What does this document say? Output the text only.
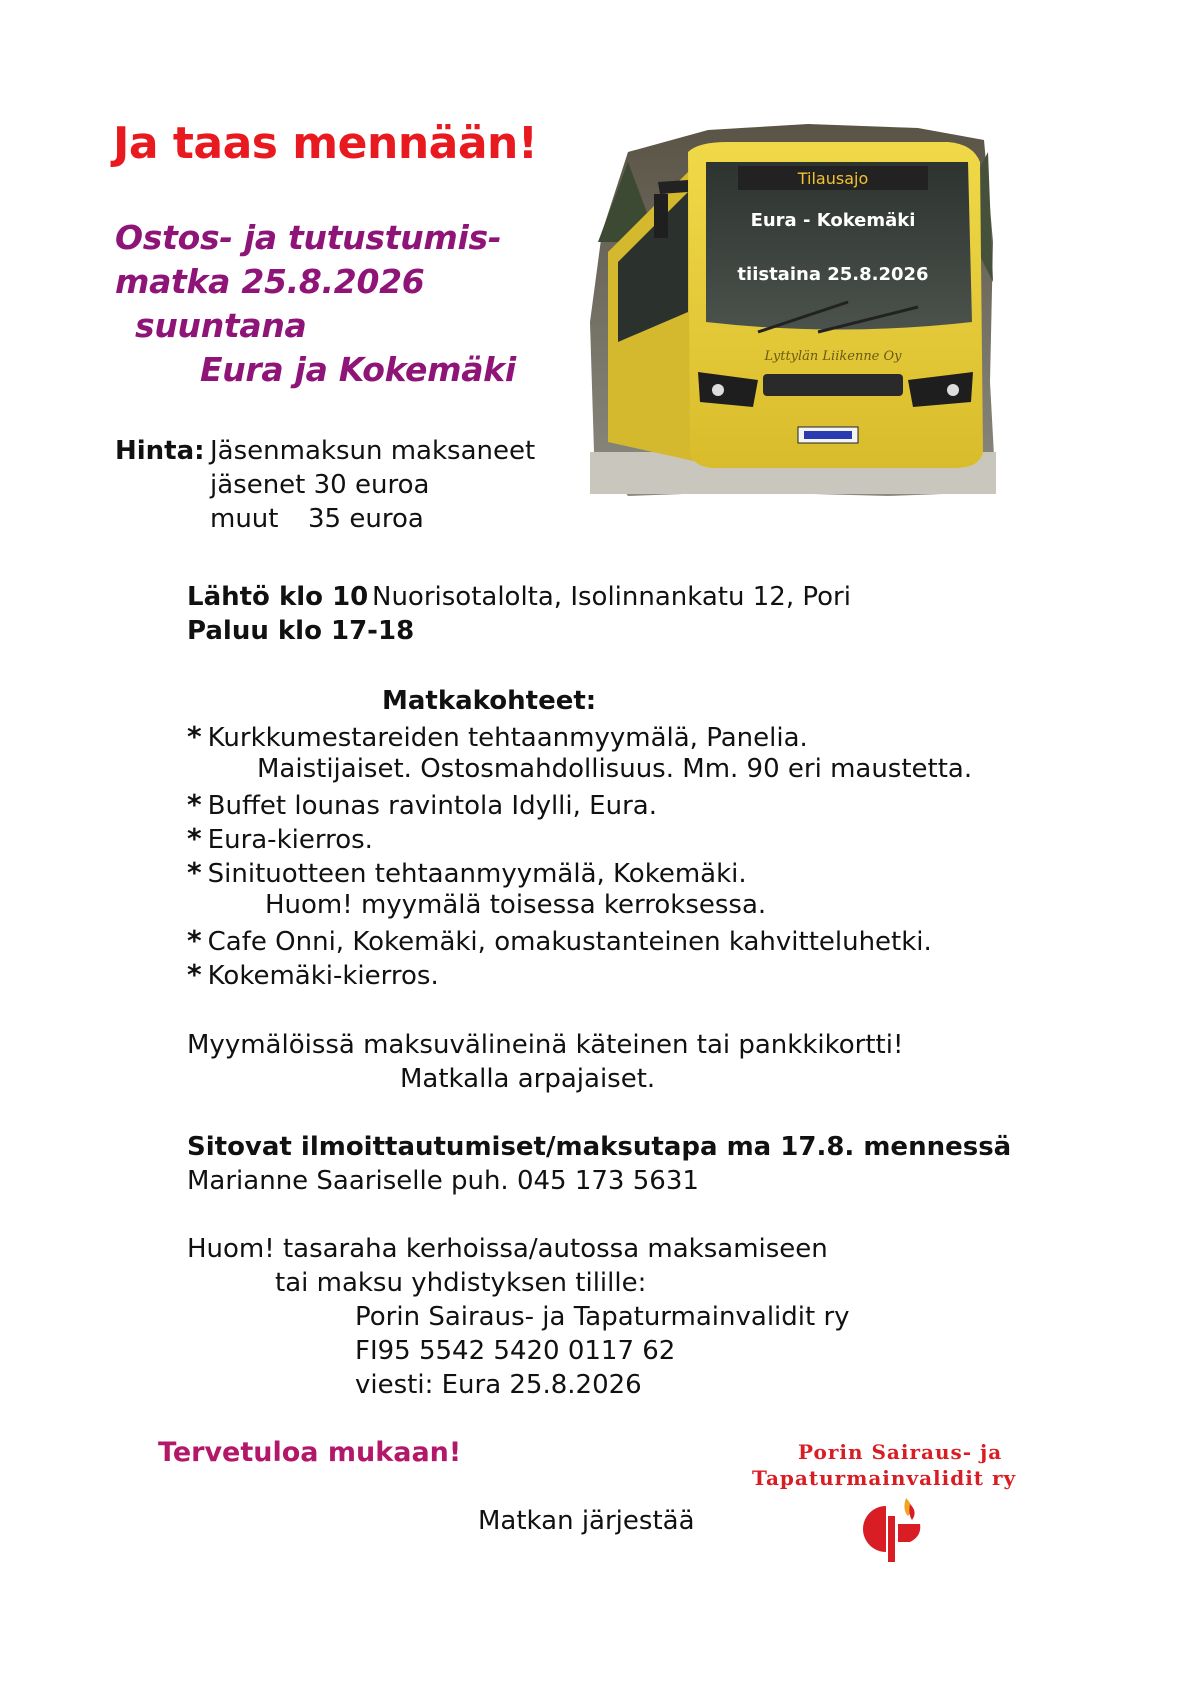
Ja taas mennään!
Ostos- ja tutustumis-
matka 25.8.2026
suuntana
Eura ja Kokemäki
Tilausajo
Eura - Kokemäki
tiistaina 25.8.2026
Lyttylän Liikenne Oy
Hinta: Jäsenmaksun maksaneet
jäsenet 30 euroa
muut 35 euroa
Lähtö klo 10 Nuorisotalolta, Isolinnankatu 12, Pori
Paluu klo 17-18
Matkakohteet:
* Kurkkumestareiden tehtaanmyymälä, Panelia.
Maistijaiset. Ostosmahdollisuus. Mm. 90 eri maustetta.
* Buffet lounas ravintola Idylli, Eura.
* Eura-kierros.
* Sinituotteen tehtaanmyymälä, Kokemäki.
Huom! myymälä toisessa kerroksessa.
* Cafe Onni, Kokemäki, omakustanteinen kahvitteluhetki.
* Kokemäki-kierros.
Myymälöissä maksuvälineinä käteinen tai pankkikortti!
Matkalla arpajaiset.
Sitovat ilmoittautumiset/maksutapa ma 17.8. mennessä
Marianne Saariselle puh. 045 173 5631
Huom! tasaraha kerhoissa/autossa maksamiseen
tai maksu yhdistyksen tilille:
Porin Sairaus- ja Tapaturmainvalidit ry
FI95 5542 5420 0117 62
viesti: Eura 25.8.2026
Tervetuloa mukaan!
Matkan järjestää
Porin Sairaus- ja
Tapaturmainvalidit ry
